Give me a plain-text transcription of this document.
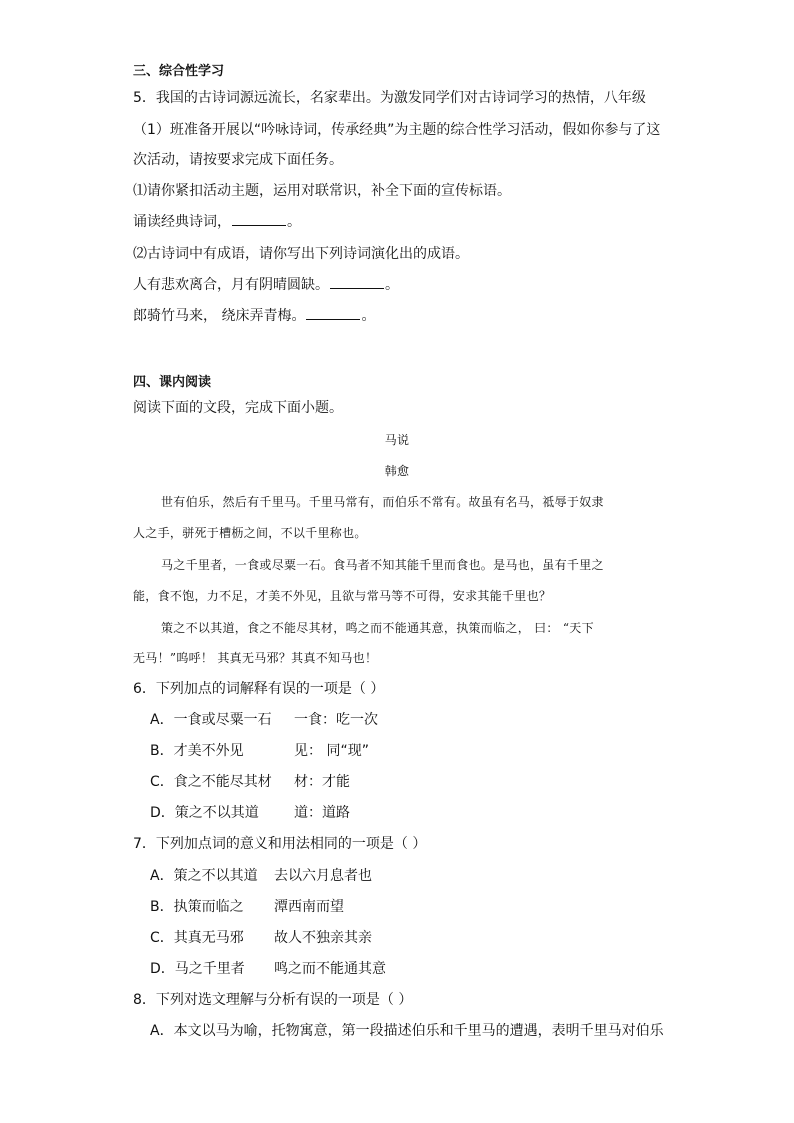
三、综合性学习
5．我国的古诗词源远流长，名家辈出。为激发同学们对古诗词学习的热情，八年级
（1）班准备开展以“吟咏诗词，传承经典”为主题的综合性学习活动，假如你参与了这
次活动，请按要求完成下面任务。
⑴请你紧扣活动主题，运用对联常识，补全下面的宣传标语。
诵读经典诗词，	。
⑵古诗词中有成语，请你写出下列诗词演化出的成语。
人有悲欢离合，月有阴晴圆缺。	。
郎骑竹马来， 绕床弄青梅。	。
四、课内阅读
阅读下面的文段，完成下面小题。
马说
韩愈
世有伯乐，然后有千里马。千里马常有，而伯乐不常有。故虽有名马，祗辱于奴隶
人之手，骈死于槽枥之间，不以千里称也。
马之千里者，一食或尽粟一石。食马者不知其能千里而食也。是马也，虽有千里之
能，食不饱，力不足，才美不外见，且欲与常马等不可得，安求其能千里也？
策之不以其道，食之不能尽其材，鸣之而不能通其意，执策而临之， 曰： “天下
无马！”呜呼！ 其真无马邪？其真不知马也！
6．下列加点的词解释有误的一项是（ ）
A．一食或尽粟一石 一食：吃一次
B．才美不外见	见： 同“现”
C．食之不能尽其材 材：才能
D．策之不以其道	道：道路
7．下列加点词的意义和用法相同的一项是（ ）
A．策之不以其道 去以六月息者也
B．执策而临之 潭西南而望
C．其真无马邪 故人不独亲其亲
D．马之千里者 鸣之而不能通其意
8．下列对选文理解与分析有误的一项是（ ）
A．本文以马为喻，托物寓意，第一段描述伯乐和千里马的遭遇，表明千里马对伯乐
